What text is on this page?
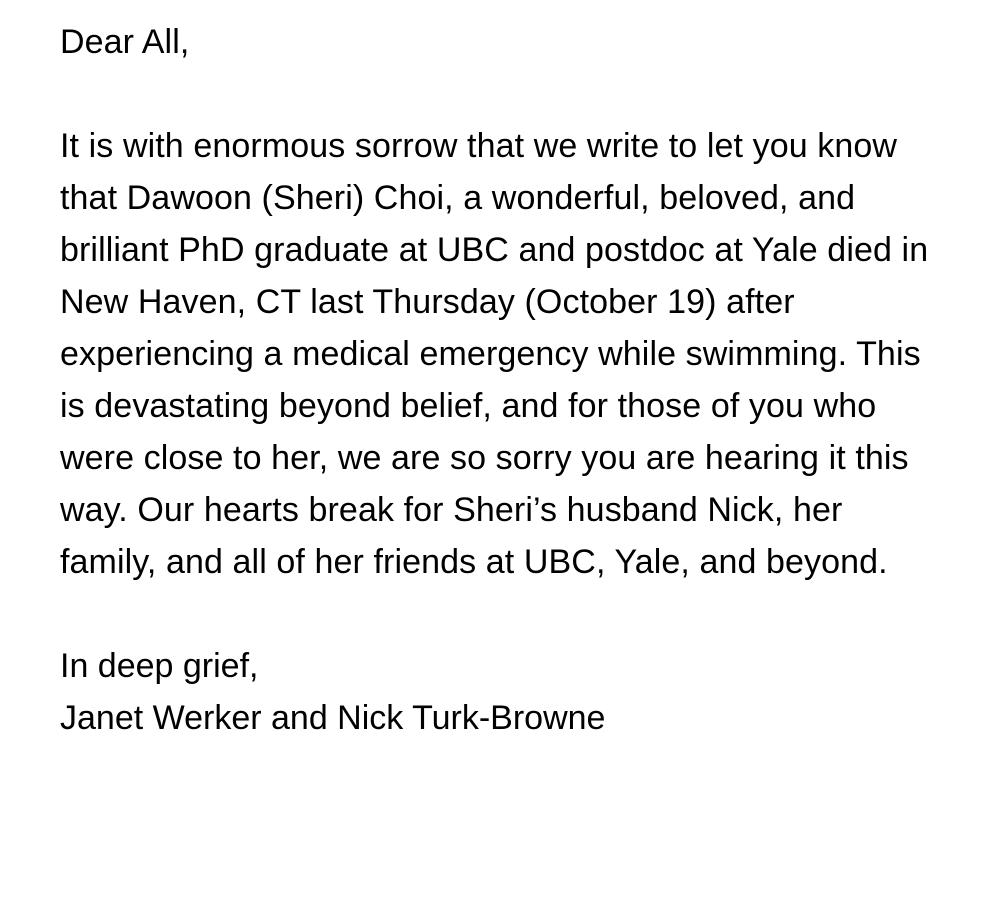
Dear All,

It is with enormous sorrow that we write to let you know that Dawoon (Sheri) Choi, a wonderful, beloved, and brilliant PhD graduate at UBC and postdoc at Yale died in New Haven, CT last Thursday (October 19) after experiencing a medical emergency while swimming. This is devastating beyond belief, and for those of you who were close to her, we are so sorry you are hearing it this way. Our hearts break for Sheri’s husband Nick, her family, and all of her friends at UBC, Yale, and beyond.

In deep grief,

Janet Werker and Nick Turk-Browne
